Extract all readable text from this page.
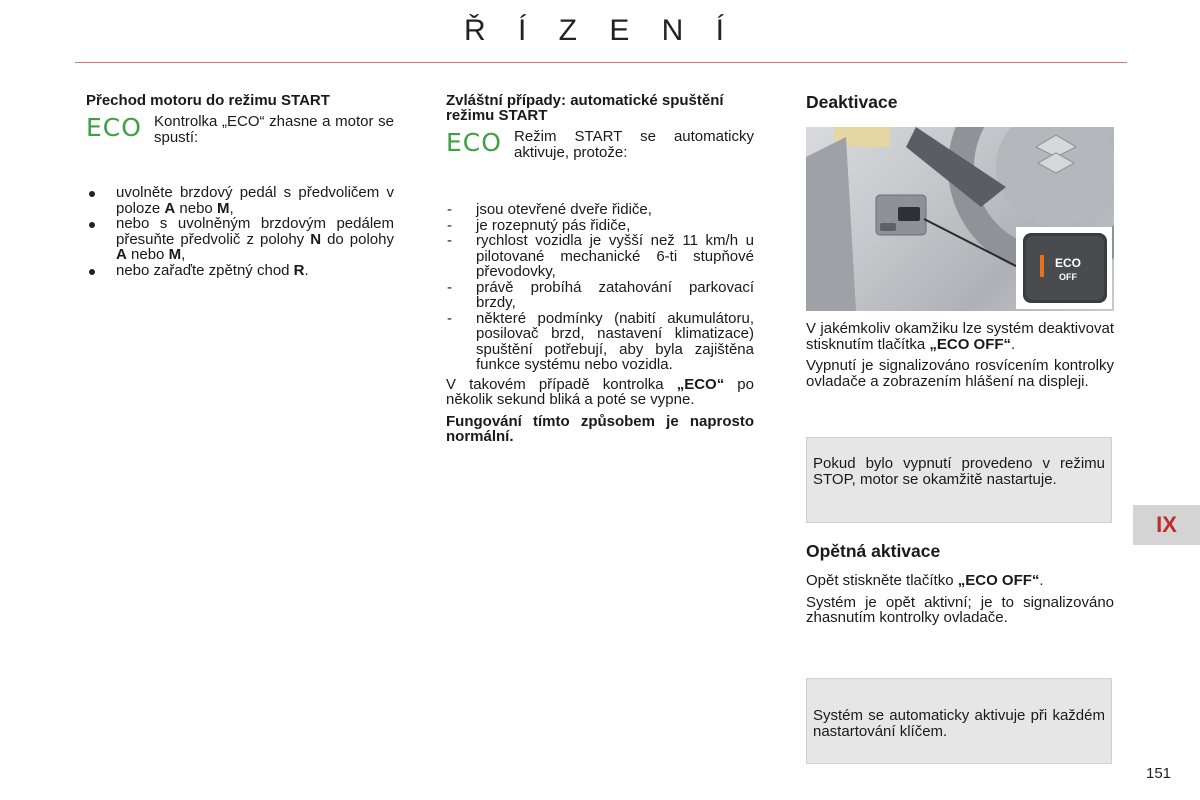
Ř Í Z E N Í

Přechod motoru do režimu START

ECO Kontrolka „ECO“ zhasne a motor se spustí:
uvolněte brzdový pedál s předvoličem v poloze A nebo M,
nebo s uvolněným brzdovým pedálem přesuňte předvolič z polohy N do polohy A nebo M,
nebo zařaďte zpětný chod R.

Zvláštní případy: automatické spuštění režimu START

ECO Režim START se automaticky aktivuje, protože:
- jsou otevřené dveře řidiče,
- je rozepnutý pás řidiče,
- rychlost vozidla je vyšší než 11 km/h u pilotované mechanické 6-ti stupňové převodovky,
- právě probíhá zatahování parkovací brzdy,
- některé podmínky (nabití akumulátoru, posilovač brzd, nastavení klimatizace) spuštění potřebují, aby byla zajištěna funkce systému nebo vozidla.

V takovém případě kontrolka „ECO“ po několik sekund bliká a poté se vypne.

Fungování tímto způsobem je naprosto normální.

Deaktivace

ECO
OFF

V jakémkoliv okamžiku lze systém deaktivovat stisknutím tlačítka „ECO OFF“.

Vypnutí je signalizováno rosvícením kontrolky ovladače a zobrazením hlášení na displeji.

Pokud bylo vypnutí provedeno v režimu STOP, motor se okamžitě nastartuje.

Opětná aktivace

Opět stiskněte tlačítko „ECO OFF“.

Systém je opět aktivní; je to signalizováno zhasnutím kontrolky ovladače.

Systém se automaticky aktivuje při každém nastartování klíčem.
IX
151
